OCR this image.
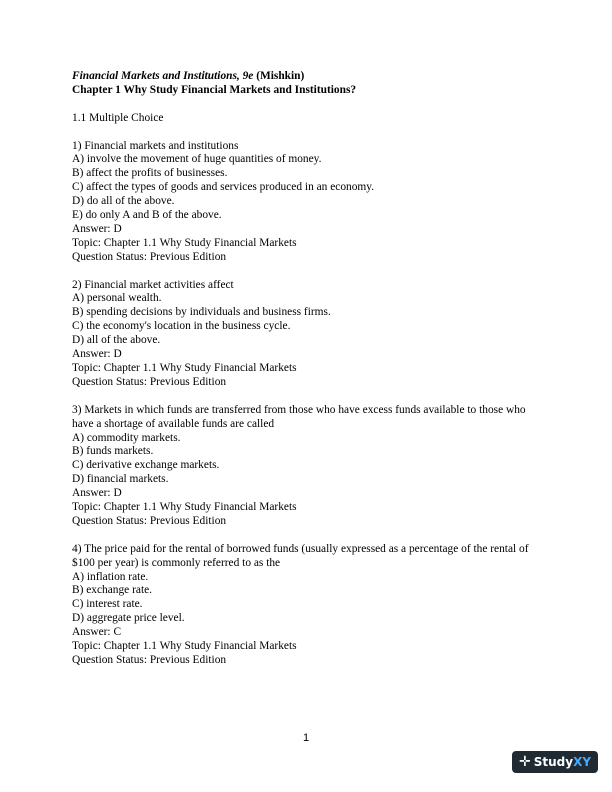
Financial Markets and Institutions, 9e (Mishkin)
Chapter 1 Why Study Financial Markets and Institutions?
1.1 Multiple Choice
1) Financial markets and institutions
A) involve the movement of huge quantities of money.
B) affect the profits of businesses.
C) affect the types of goods and services produced in an economy.
D) do all of the above.
E) do only A and B of the above.
Answer: D
Topic: Chapter 1.1 Why Study Financial Markets
Question Status: Previous Edition
2) Financial market activities affect
A) personal wealth.
B) spending decisions by individuals and business firms.
C) the economy's location in the business cycle.
D) all of the above.
Answer: D
Topic: Chapter 1.1 Why Study Financial Markets
Question Status: Previous Edition
3) Markets in which funds are transferred from those who have excess funds available to those who have a shortage of available funds are called
A) commodity markets.
B) funds markets.
C) derivative exchange markets.
D) financial markets.
Answer: D
Topic: Chapter 1.1 Why Study Financial Markets
Question Status: Previous Edition
4) The price paid for the rental of borrowed funds (usually expressed as a percentage of the rental of $100 per year) is commonly referred to as the
A) inflation rate.
B) exchange rate.
C) interest rate.
D) aggregate price level.
Answer: C
Topic: Chapter 1.1 Why Study Financial Markets
Question Status: Previous Edition
1
✛ Study XY
